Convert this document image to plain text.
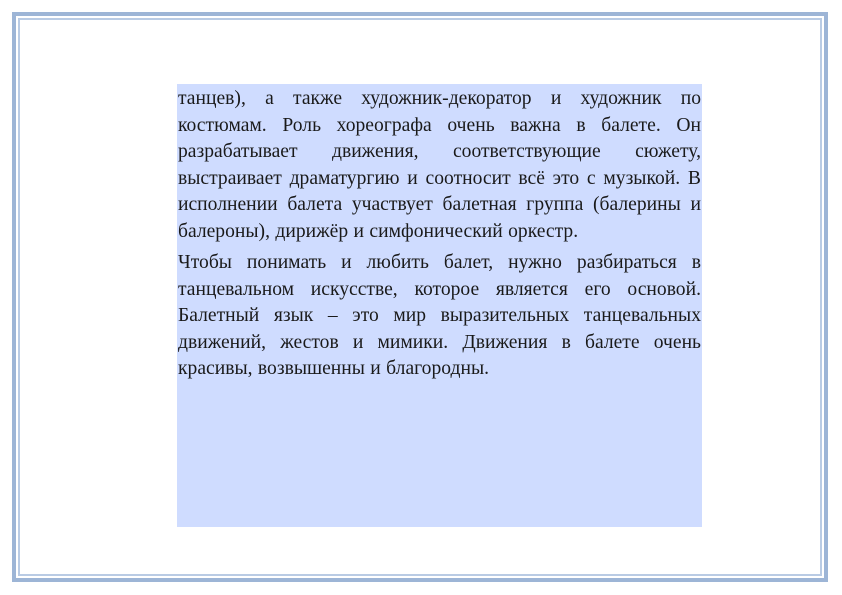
танцев), а также художник-декоратор и художник по костюмам. Роль хореографа очень важна в балете. Он разрабатывает движения, соответствующие сюжету, выстраивает драматургию и соотносит всё это с музыкой. В исполнении балета участвует балетная группа (балерины и балероны), дирижёр и симфонический оркестр.

Чтобы понимать и любить балет, нужно разбираться в танцевальном искусстве, которое является его основой. Балетный язык – это мир выразительных танцевальных движений, жестов и мимики. Движения в балете очень красивы, возвышенны и благородны.
